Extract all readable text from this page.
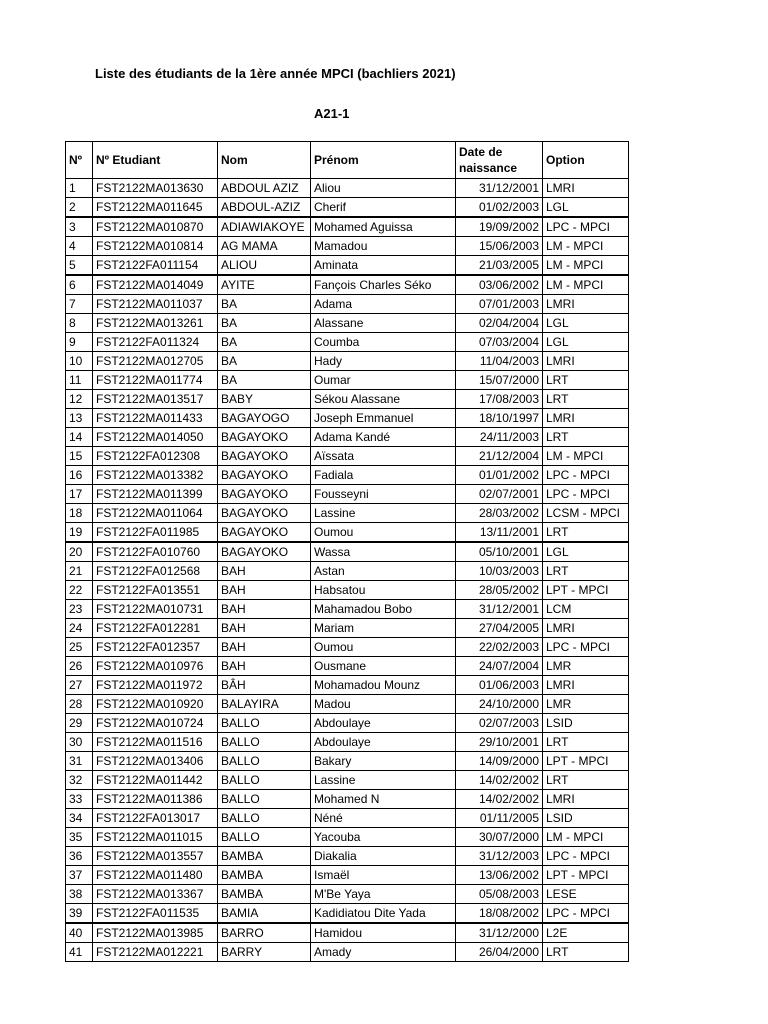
Liste des étudiants de la 1ère année MPCI (bachliers 2021)
A21-1
Nº	Nº Etudiant	Nom	Prénom	Date de naissance	Option
1	FST2122MA013630	ABDOUL AZIZ	Aliou	31/12/2001	LMRI
2	FST2122MA011645	ABDOUL-AZIZ	Cherif	01/02/2003	LGL
3	FST2122MA010870	ADIAWIAKOYE	Mohamed Aguissa	19/09/2002	LPC - MPCI
4	FST2122MA010814	AG MAMA	Mamadou	15/06/2003	LM - MPCI
5	FST2122FA011154	ALIOU	Aminata	21/03/2005	LM - MPCI
6	FST2122MA014049	AYITE	Fançois Charles Séko	03/06/2002	LM - MPCI
7	FST2122MA011037	BA	Adama	07/01/2003	LMRI
8	FST2122MA013261	BA	Alassane	02/04/2004	LGL
9	FST2122FA011324	BA	Coumba	07/03/2004	LGL
10	FST2122MA012705	BA	Hady	11/04/2003	LMRI
11	FST2122MA011774	BA	Oumar	15/07/2000	LRT
12	FST2122MA013517	BABY	Sékou Alassane	17/08/2003	LRT
13	FST2122MA011433	BAGAYOGO	Joseph Emmanuel	18/10/1997	LMRI
14	FST2122MA014050	BAGAYOKO	Adama Kandé	24/11/2003	LRT
15	FST2122FA012308	BAGAYOKO	Aïssata	21/12/2004	LM - MPCI
16	FST2122MA013382	BAGAYOKO	Fadiala	01/01/2002	LPC - MPCI
17	FST2122MA011399	BAGAYOKO	Fousseyni	02/07/2001	LPC - MPCI
18	FST2122MA011064	BAGAYOKO	Lassine	28/03/2002	LCSM - MPCI
19	FST2122FA011985	BAGAYOKO	Oumou	13/11/2001	LRT
20	FST2122FA010760	BAGAYOKO	Wassa	05/10/2001	LGL
21	FST2122FA012568	BAH	Astan	10/03/2003	LRT
22	FST2122FA013551	BAH	Habsatou	28/05/2002	LPT - MPCI
23	FST2122MA010731	BAH	Mahamadou Bobo	31/12/2001	LCM
24	FST2122FA012281	BAH	Mariam	27/04/2005	LMRI
25	FST2122FA012357	BAH	Oumou	22/02/2003	LPC - MPCI
26	FST2122MA010976	BAH	Ousmane	24/07/2004	LMR
27	FST2122MA011972	BÂH	Mohamadou Mounz	01/06/2003	LMRI
28	FST2122MA010920	BALAYIRA	Madou	24/10/2000	LMR
29	FST2122MA010724	BALLO	Abdoulaye	02/07/2003	LSID
30	FST2122MA011516	BALLO	Abdoulaye	29/10/2001	LRT
31	FST2122MA013406	BALLO	Bakary	14/09/2000	LPT - MPCI
32	FST2122MA011442	BALLO	Lassine	14/02/2002	LRT
33	FST2122MA011386	BALLO	Mohamed N	14/02/2002	LMRI
34	FST2122FA013017	BALLO	Néné	01/11/2005	LSID
35	FST2122MA011015	BALLO	Yacouba	30/07/2000	LM - MPCI
36	FST2122MA013557	BAMBA	Diakalia	31/12/2003	LPC - MPCI
37	FST2122MA011480	BAMBA	Ismaël	13/06/2002	LPT - MPCI
38	FST2122MA013367	BAMBA	M'Be Yaya	05/08/2003	LESE
39	FST2122FA011535	BAMIA	Kadidiatou Dite Yada	18/08/2002	LPC - MPCI
40	FST2122MA013985	BARRO	Hamidou	31/12/2000	L2E
41	FST2122MA012221	BARRY	Amady	26/04/2000	LRT
